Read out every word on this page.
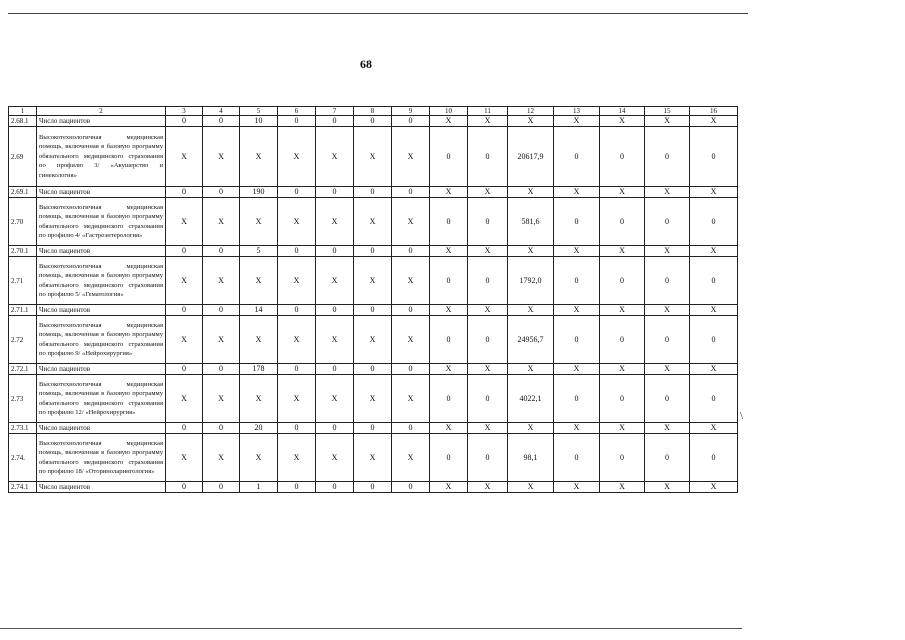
68
\
1	2	3	4	5	6	7	8	9	10	11	12	13	14	15	16
2.68.1	Число пациентов	0	0	10	0	0	0	0	X	X	X	X	X	X	X
2.69	Высокотехнологичная медицинская помощь, включенная в базовую программу обязательного медицинского страхования по профилю 3/ «Акушерство и гинекология»	X	X	X	X	X	X	X	0	0	20617,9	0	0	0	0
2.69.1	Число пациентов	0	0	190	0	0	0	0	X	X	X	X	X	X	X
2.70	Высокотехнологичная медицинская помощь, включенная в базовую программу обязательного медицинского страхования по профилю 4/ «Гастроэнтерология»	X	X	X	X	X	X	X	0	0	581,6	0	0	0	0
2.70.1	Число пациентов	0	0	5	0	0	0	0	X	X	X	X	X	X	X
2.71	Высокотехнологичная медицинская помощь, включенная в базовую программу обязательного медицинского страхования по профилю 5/ «Гематология»	X	X	X	X	X	X	X	0	0	1792,0	0	0	0	0
2.71.1	Число пациентов	0	0	14	0	0	0	0	X	X	X	X	X	X	X
2.72	Высокотехнологичная медицинская помощь, включенная в базовую программу обязательного медицинского страхования по профилю 9/ «Нейрохирургия»	X	X	X	X	X	X	X	0	0	24956,7	0	0	0	0
2.72.1	Число пациентов	0	0	178	0	0	0	0	X	X	X	X	X	X	X
2.73	Высокотехнологичная медицинская помощь, включенная в базовую программу обязательного медицинского страхования по профилю 12/ «Нейрохирургия»	X	X	X	X	X	X	X	0	0	4022,1	0	0	0	0
2.73.1	Число пациентов	0	0	20	0	0	0	0	X	X	X	X	X	X	X
2.74.	Высокотехнологичная медицинская помощь, включенная в базовую программу обязательного медицинского страхования по профилю 18/ «Оториноларингология»	X	X	X	X	X	X	X	0	0	98,1	0	0	0	0
2.74.1	Число пациентов	0	0	1	0	0	0	0	X	X	X	X	X	X	X
